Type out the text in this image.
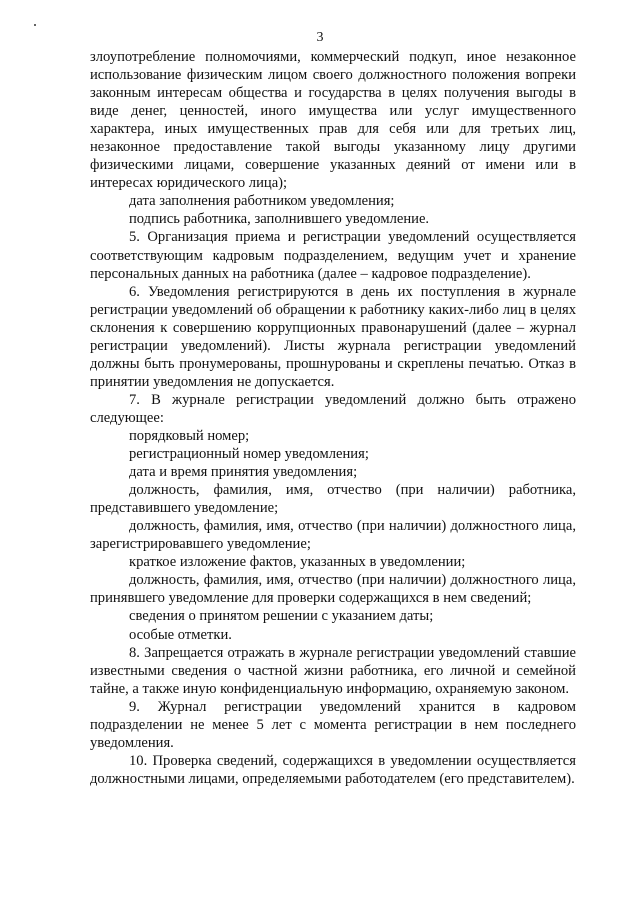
3

злоупотребление полномочиями, коммерческий подкуп, иное незаконное использование физическим лицом своего должностного положения вопреки законным интересам общества и государства в целях получения выгоды в виде денег, ценностей, иного имущества или услуг имущественного характера, иных имущественных прав для себя или для третьих лиц, незаконное предоставление такой выгоды указанному лицу другими физическими лицами, совершение указанных деяний от имени или в интересах юридического лица);

дата заполнения работником уведомления;

подпись работника, заполнившего уведомление.

5. Организация приема и регистрации уведомлений осуществляется соответствующим кадровым подразделением, ведущим учет и хранение персональных данных на работника (далее – кадровое подразделение).

6. Уведомления регистрируются в день их поступления в журнале регистрации уведомлений об обращении к работнику каких-либо лиц в целях склонения к совершению коррупционных правонарушений (далее – журнал регистрации уведомлений). Листы журнала регистрации уведомлений должны быть пронумерованы, прошнурованы и скреплены печатью. Отказ в принятии уведомления не допускается.

7. В журнале регистрации уведомлений должно быть отражено следующее:

порядковый номер;

регистрационный номер уведомления;

дата и время принятия уведомления;

должность, фамилия, имя, отчество (при наличии) работника, представившего уведомление;

должность, фамилия, имя, отчество (при наличии) должностного лица, зарегистрировавшего уведомление;

краткое изложение фактов, указанных в уведомлении;

должность, фамилия, имя, отчество (при наличии) должностного лица, принявшего уведомление для проверки содержащихся в нем сведений;

сведения о принятом решении с указанием даты;

особые отметки.

8. Запрещается отражать в журнале регистрации уведомлений ставшие известными сведения о частной жизни работника, его личной и семейной тайне, а также иную конфиденциальную информацию, охраняемую законом.

9. Журнал регистрации уведомлений хранится в кадровом подразделении не менее 5 лет с момента регистрации в нем последнего уведомления.

10. Проверка сведений, содержащихся в уведомлении осуществляется должностными лицами, определяемыми работодателем (его представителем).
